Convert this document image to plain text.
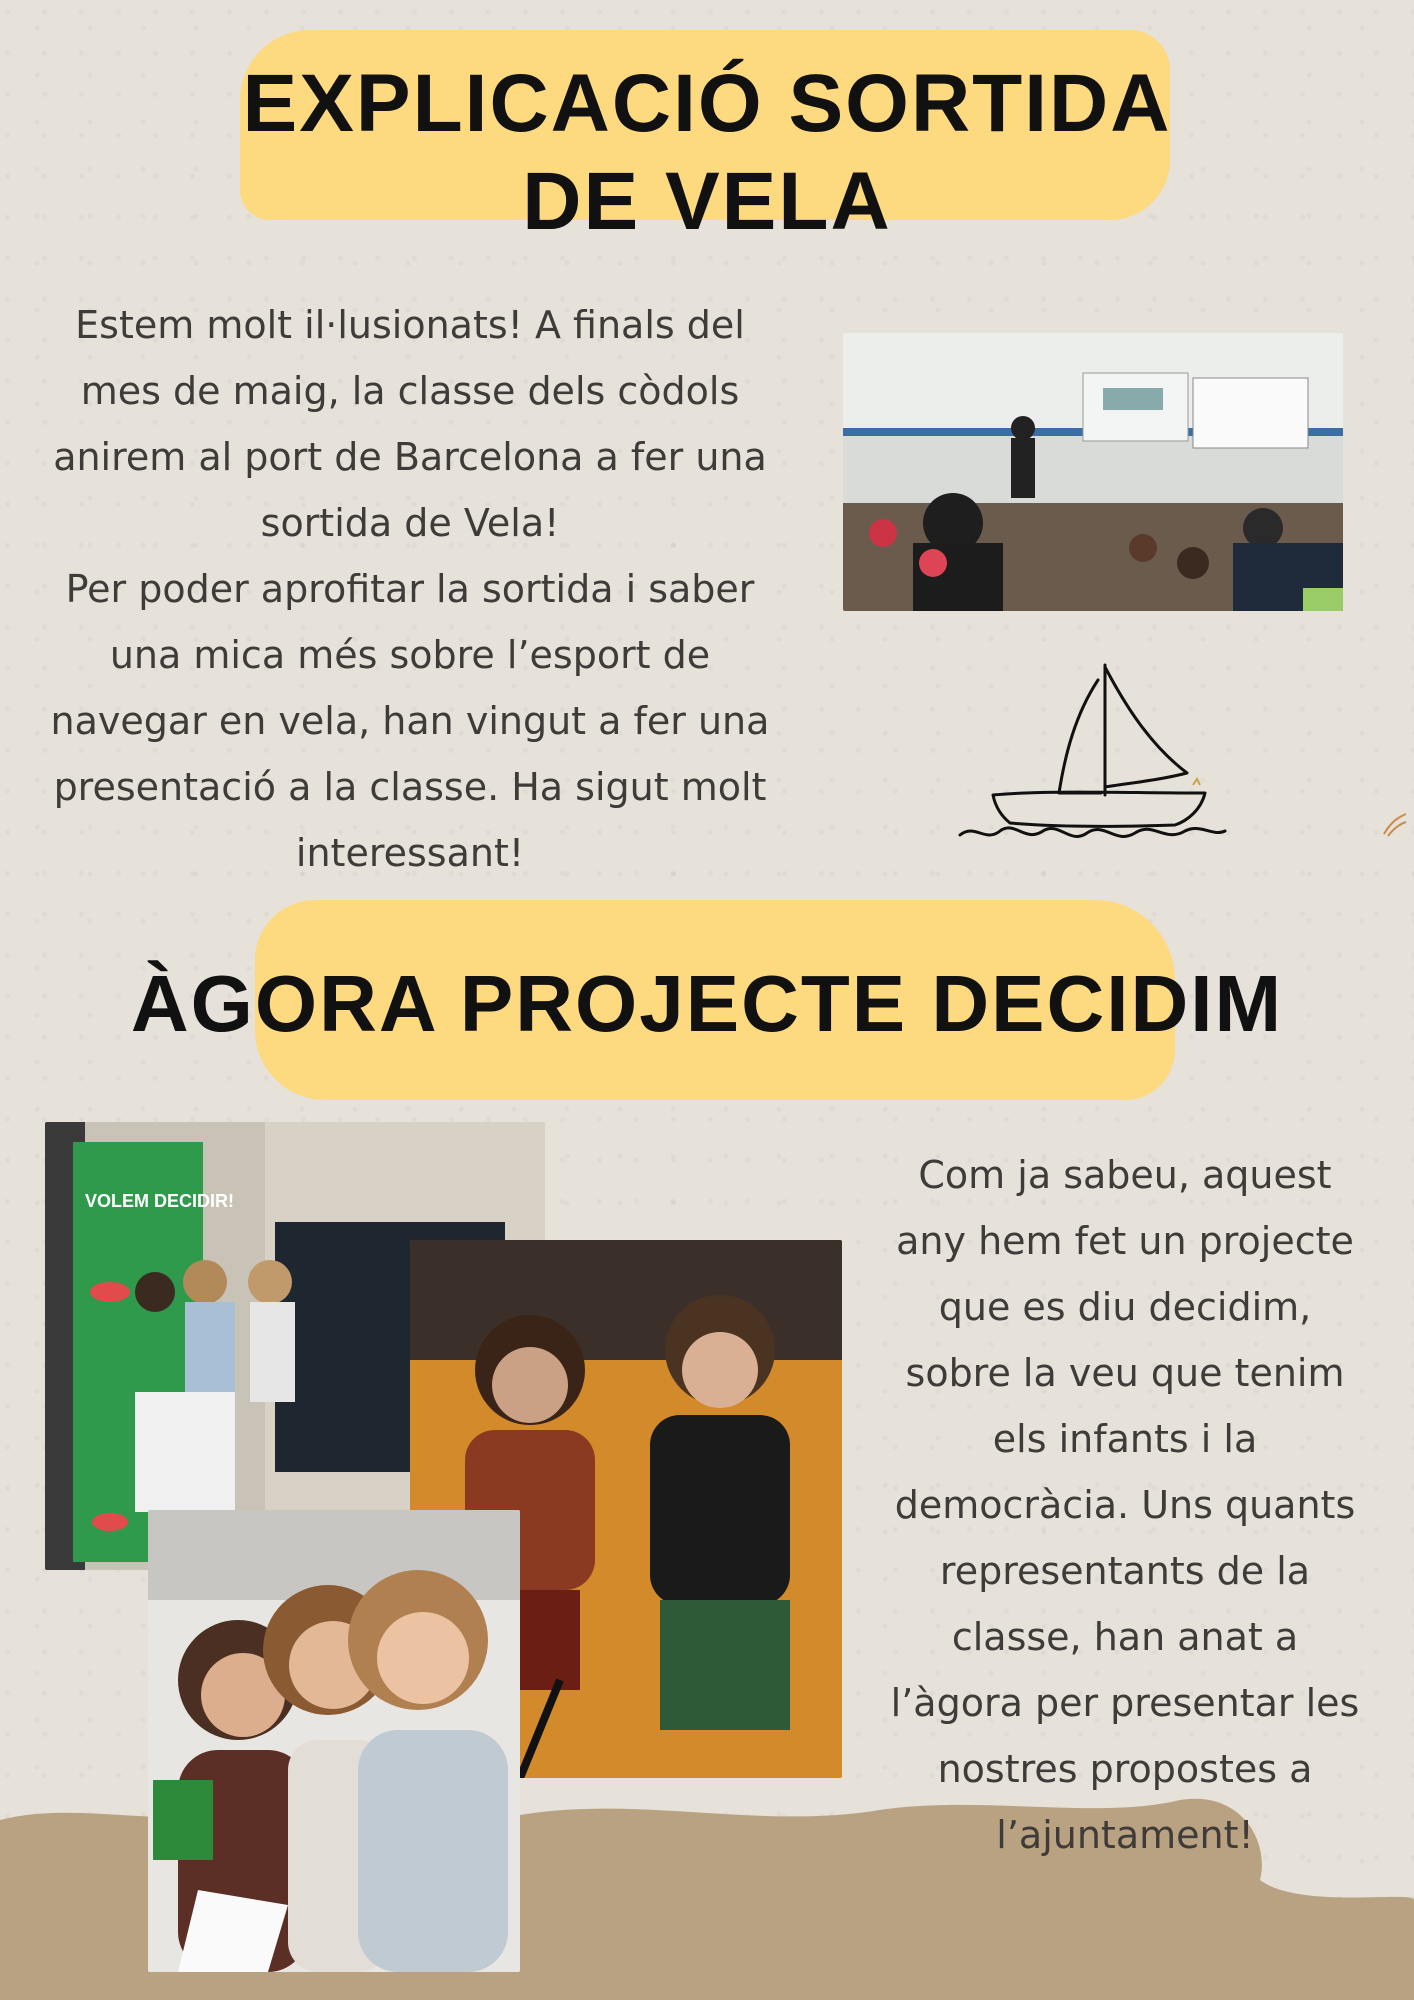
EXPLICACIÓ SORTIDA DE VELA

Estem molt il·lusionats! A finals del mes de maig, la classe dels còdols anirem al port de Barcelona a fer una sortida de Vela!
Per poder aprofitar la sortida i saber una mica més sobre l’esport de navegar en vela, han vingut a fer una presentació a la classe. Ha sigut molt interessant!

ÀGORA PROJECTE DECIDIM
VOLEM DECIDIR!

Com ja sabeu, aquest any hem fet un projecte que es diu decidim, sobre la veu que tenim els infants i la democràcia. Uns quants representants de la classe, han anat a l’àgora per presentar les nostres propostes a l’ajuntament!
